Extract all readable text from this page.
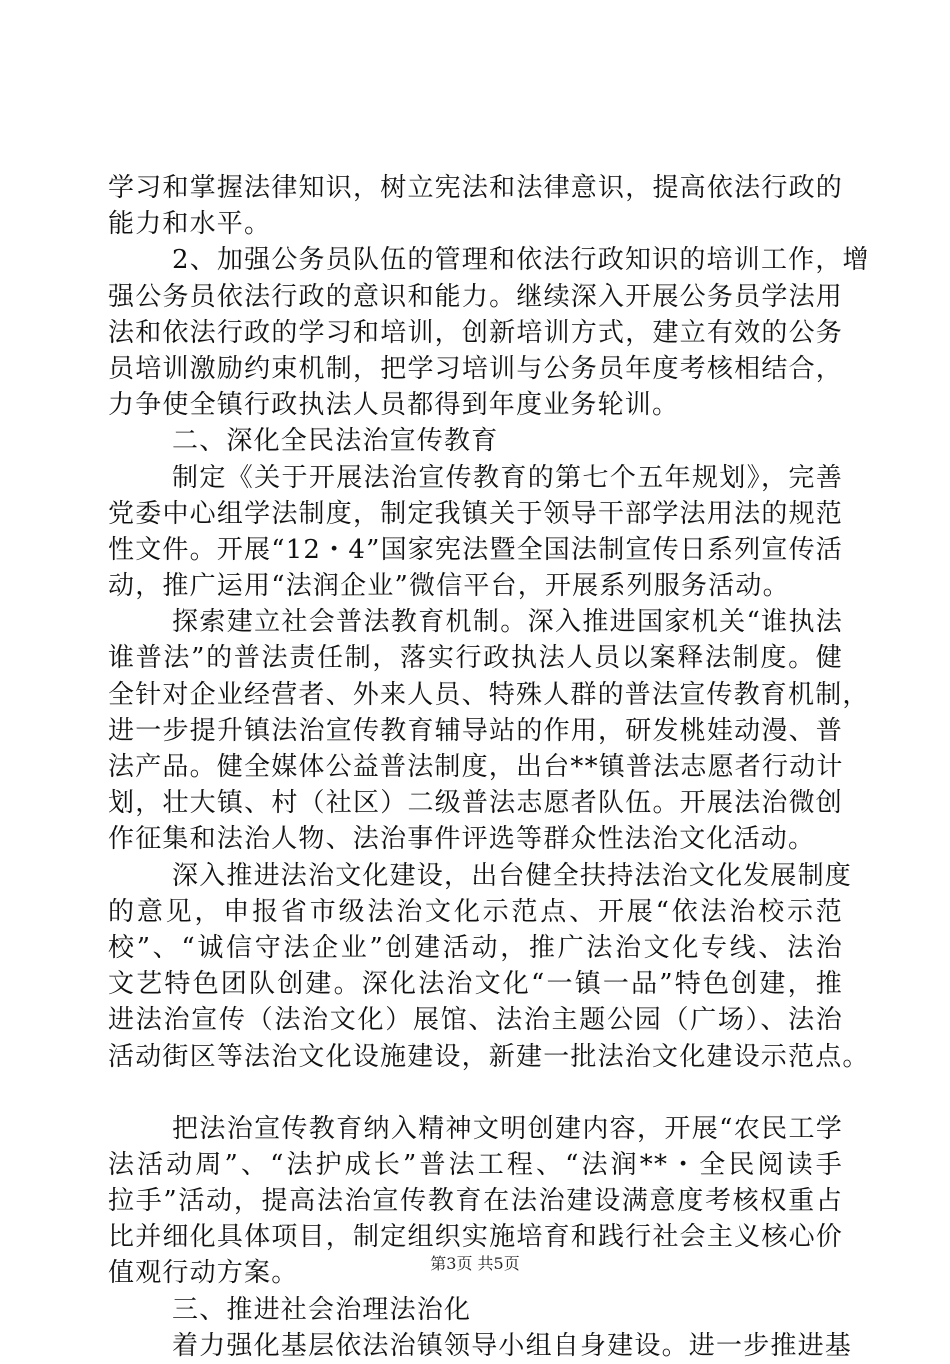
学习和掌握法律知识，树立宪法和法律意识，提高依法行政的
能力和水平。
2、加强公务员队伍的管理和依法行政知识的培训工作，增
强公务员依法行政的意识和能力。继续深入开展公务员学法用
法和依法行政的学习和培训，创新培训方式，建立有效的公务
员培训激励约束机制，把学习培训与公务员年度考核相结合，
力争使全镇行政执法人员都得到年度业务轮训。
二、深化全民法治宣传教育
制定《关于开展法治宣传教育的第七个五年规划》，完善
党委中心组学法制度，制定我镇关于领导干部学法用法的规范
性文件。开展“12・4”国家宪法暨全国法制宣传日系列宣传活
动，推广运用“法润企业”微信平台，开展系列服务活动。
探索建立社会普法教育机制。深入推进国家机关“谁执法
谁普法”的普法责任制，落实行政执法人员以案释法制度。健
全针对企业经营者、外来人员、特殊人群的普法宣传教育机制，
进一步提升镇法治宣传教育辅导站的作用，研发桃娃动漫、普
法产品。健全媒体公益普法制度，出台**镇普法志愿者行动计
划，壮大镇、村（社区）二级普法志愿者队伍。开展法治微创
作征集和法治人物、法治事件评选等群众性法治文化活动。
深入推进法治文化建设，出台健全扶持法治文化发展制度
的意见，申报省市级法治文化示范点、开展“依法治校示范
校”、“诚信守法企业”创建活动，推广法治文化专线、法治
文艺特色团队创建。深化法治文化“一镇一品”特色创建，推
进法治宣传（法治文化）展馆、法治主题公园（广场）、法治
活动街区等法治文化设施建设，新建一批法治文化建设示范点。
把法治宣传教育纳入精神文明创建内容，开展“农民工学
法活动周”、“法护成长”普法工程、“法润**・全民阅读手
拉手”活动，提高法治宣传教育在法治建设满意度考核权重占
比并细化具体项目，制定组织实施培育和践行社会主义核心价
值观行动方案。
三、推进社会治理法治化
着力强化基层依法治镇领导小组自身建设。进一步推进基
第3页 共5页
